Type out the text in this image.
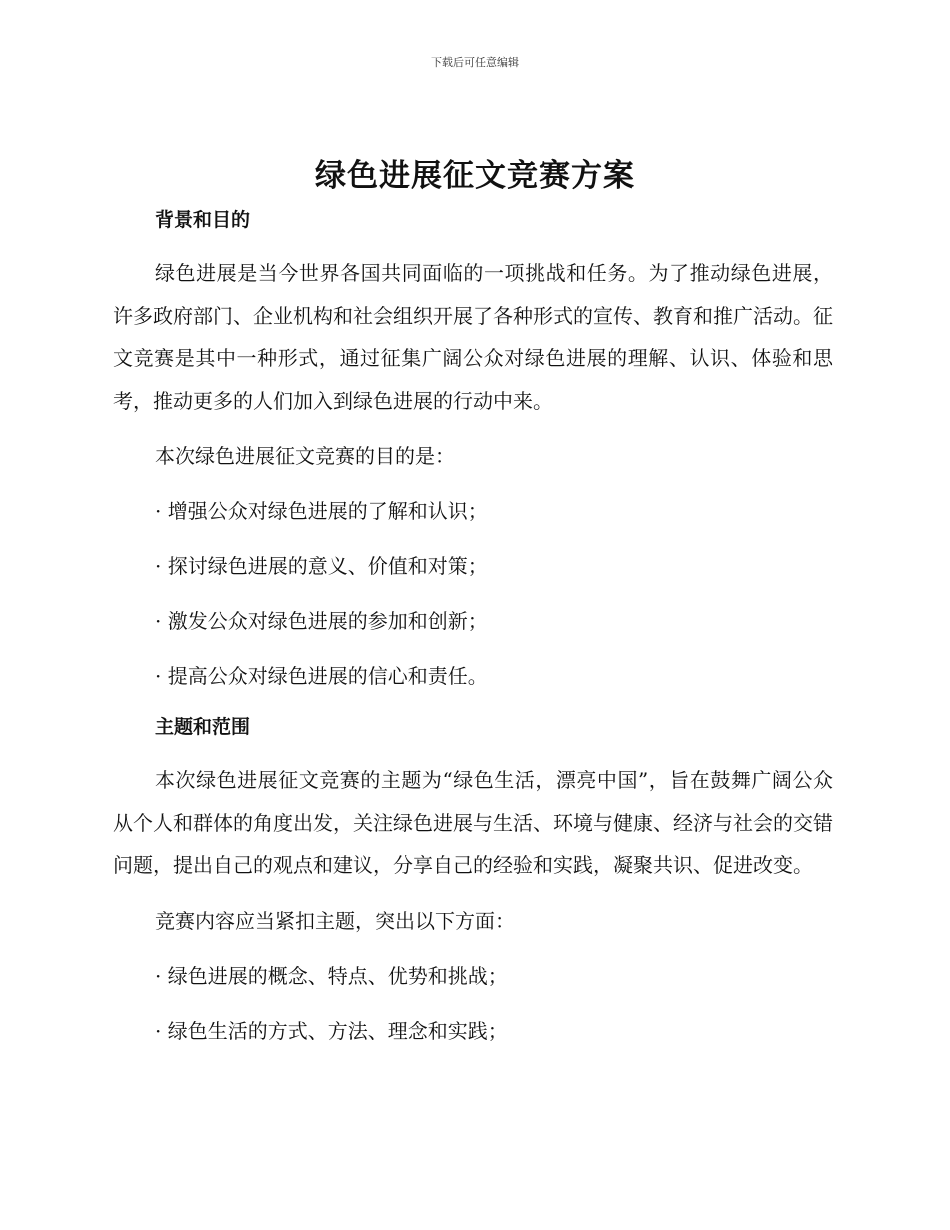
下载后可任意编辑
绿色进展征文竞赛方案
背景和目的

绿色进展是当今世界各国共同面临的一项挑战和任务。为了推动绿色进展，许多政府部门、企业机构和社会组织开展了各种形式的宣传、教育和推广活动。征文竞赛是其中一种形式，通过征集广阔公众对绿色进展的理解、认识、体验和思考，推动更多的人们加入到绿色进展的行动中来。

本次绿色进展征文竞赛的目的是：

· 增强公众对绿色进展的了解和认识；
· 探讨绿色进展的意义、价值和对策；
· 激发公众对绿色进展的参加和创新；
· 提高公众对绿色进展的信心和责任。
主题和范围

本次绿色进展征文竞赛的主题为“绿色生活，漂亮中国”，旨在鼓舞广阔公众从个人和群体的角度出发，关注绿色进展与生活、环境与健康、经济与社会的交错问题，提出自己的观点和建议，分享自己的经验和实践，凝聚共识、促进改变。

竞赛内容应当紧扣主题，突出以下方面：

· 绿色进展的概念、特点、优势和挑战；
· 绿色生活的方式、方法、理念和实践；
